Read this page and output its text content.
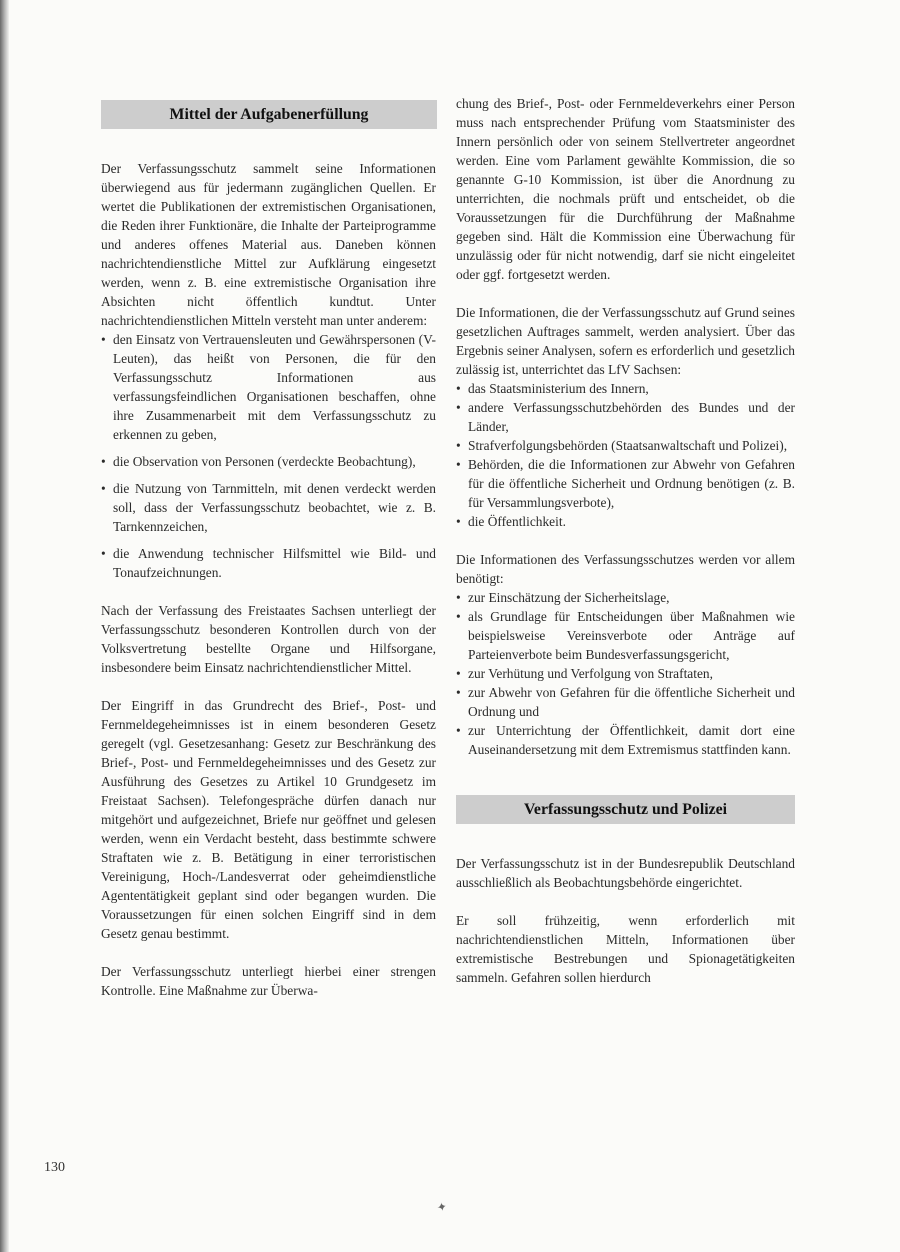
Mittel der Aufgabenerfüllung

Der Verfassungsschutz sammelt seine Informationen überwiegend aus für jedermann zugänglichen Quellen. Er wertet die Publikationen der extremistischen Organisationen, die Reden ihrer Funktionäre, die Inhalte der Parteiprogramme und anderes offenes Material aus. Daneben können nachrichtendienstliche Mittel zur Aufklärung eingesetzt werden, wenn z. B. eine extremistische Organisation ihre Absichten nicht öffentlich kundtut. Unter nachrichtendienstlichen Mitteln versteht man unter anderem:

• den Einsatz von Vertrauensleuten und Gewährspersonen (V-Leuten), das heißt von Personen, die für den Verfassungsschutz Informationen aus verfassungsfeindlichen Organisationen beschaffen, ohne ihre Zusammenarbeit mit dem Verfassungsschutz zu erkennen zu geben,
• die Observation von Personen (verdeckte Beobachtung),
• die Nutzung von Tarnmitteln, mit denen verdeckt werden soll, dass der Verfassungsschutz beobachtet, wie z. B. Tarnkennzeichen,
• die Anwendung technischer Hilfsmittel wie Bild- und Tonaufzeichnungen.

Nach der Verfassung des Freistaates Sachsen unterliegt der Verfassungsschutz besonderen Kontrollen durch von der Volksvertretung bestellte Organe und Hilfsorgane, insbesondere beim Einsatz nachrichtendienstlicher Mittel.

Der Eingriff in das Grundrecht des Brief-, Post- und Fernmeldegeheimnisses ist in einem besonderen Gesetz geregelt (vgl. Gesetzesanhang: Gesetz zur Beschränkung des Brief-, Post- und Fernmeldegeheimnisses und des Gesetz zur Ausführung des Gesetzes zu Artikel 10 Grundgesetz im Freistaat Sachsen). Telefongespräche dürfen danach nur mitgehört und aufgezeichnet, Briefe nur geöffnet und gelesen werden, wenn ein Verdacht besteht, dass bestimmte schwere Straftaten wie z. B. Betätigung in einer terroristischen Vereinigung, Hoch-/Landesverrat oder geheimdienstliche Agententätigkeit geplant sind oder begangen wurden. Die Voraussetzungen für einen solchen Eingriff sind in dem Gesetz genau bestimmt.

Der Verfassungsschutz unterliegt hierbei einer strengen Kontrolle. Eine Maßnahme zur Überwa-

chung des Brief-, Post- oder Fernmeldeverkehrs einer Person muss nach entsprechender Prüfung vom Staatsminister des Innern persönlich oder von seinem Stellvertreter angeordnet werden. Eine vom Parlament gewählte Kommission, die so genannte G-10 Kommission, ist über die Anordnung zu unterrichten, die nochmals prüft und entscheidet, ob die Voraussetzungen für die Durchführung der Maßnahme gegeben sind. Hält die Kommission eine Überwachung für unzulässig oder für nicht notwendig, darf sie nicht eingeleitet oder ggf. fortgesetzt werden.

Die Informationen, die der Verfassungsschutz auf Grund seines gesetzlichen Auftrages sammelt, werden analysiert. Über das Ergebnis seiner Analysen, sofern es erforderlich und gesetzlich zulässig ist, unterrichtet das LfV Sachsen:

• das Staatsministerium des Innern,
• andere Verfassungsschutzbehörden des Bundes und der Länder,
• Strafverfolgungsbehörden (Staatsanwaltschaft und Polizei),
• Behörden, die die Informationen zur Abwehr von Gefahren für die öffentliche Sicherheit und Ordnung benötigen (z. B. für Versammlungsverbote),
• die Öffentlichkeit.

Die Informationen des Verfassungsschutzes werden vor allem benötigt:

• zur Einschätzung der Sicherheitslage,
• als Grundlage für Entscheidungen über Maßnahmen wie beispielsweise Vereinsverbote oder Anträge auf Parteienverbote beim Bundesverfassungsgericht,
• zur Verhütung und Verfolgung von Straftaten,
• zur Abwehr von Gefahren für die öffentliche Sicherheit und Ordnung und
• zur Unterrichtung der Öffentlichkeit, damit dort eine Auseinandersetzung mit dem Extremismus stattfinden kann.
Verfassungsschutz und Polizei

Der Verfassungsschutz ist in der Bundesrepublik Deutschland ausschließlich als Beobachtungsbehörde eingerichtet.

Er soll frühzeitig, wenn erforderlich mit nachrichtendienstlichen Mitteln, Informationen über extremistische Bestrebungen und Spionagetätigkeiten sammeln. Gefahren sollen hierdurch

130
✦
